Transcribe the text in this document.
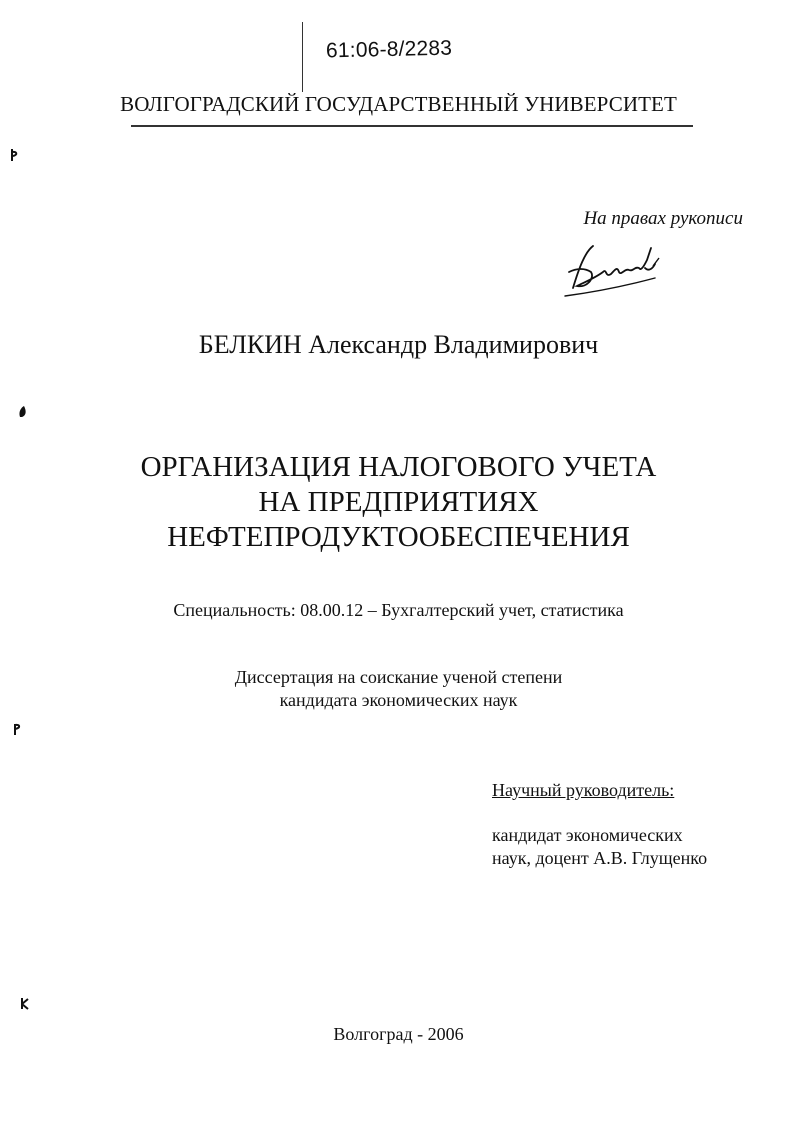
61:06-8/2283
ВОЛГОГРАДСКИЙ ГОСУДАРСТВЕННЫЙ УНИВЕРСИТЕТ
На правах рукописи
БЕЛКИН Александр Владимирович
ОРГАНИЗАЦИЯ НАЛОГОВОГО УЧЕТА
НА ПРЕДПРИЯТИЯХ
НЕФТЕПРОДУКТООБЕСПЕЧЕНИЯ
Специальность: 08.00.12 – Бухгалтерский учет, статистика
Диссертация на соискание ученой степени
кандидата экономических наук
Научный руководитель:
кандидат экономических
наук, доцент А.В. Глущенко
Волгоград - 2006
